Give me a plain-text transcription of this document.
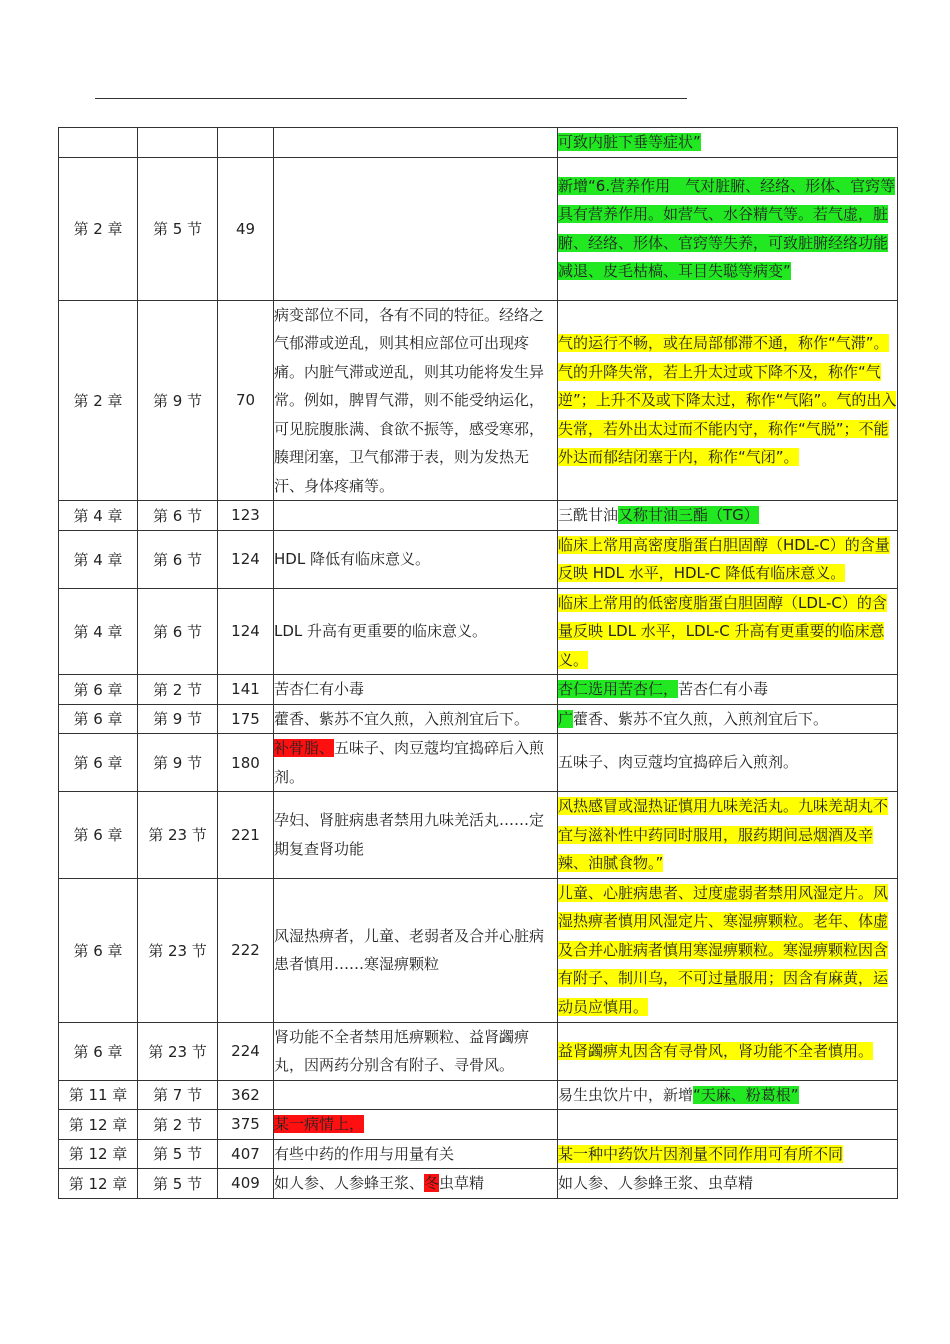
				可致内脏下垂等症状”
第 2 章	第 5 节	49		新增“6.营养作用　气对脏腑、经络、形体、官窍等具有营养作用。如营气、水谷精气等。若气虚，脏腑、经络、形体、官窍等失养，可致脏腑经络功能减退、皮毛枯槁、耳目失聪等病变”
第 2 章	第 9 节	70	病变部位不同，各有不同的特征。经络之气郁滞或逆乱，则其相应部位可出现疼痛。内脏气滞或逆乱，则其功能将发生异常。例如，脾胃气滞，则不能受纳运化，可见脘腹胀满、食欲不振等，感受寒邪，腠理闭塞，卫气郁滞于表，则为发热无汗、身体疼痛等。	气的运行不畅，或在局部郁滞不通，称作“气滞”。气的升降失常，若上升太过或下降不及，称作“气逆”；上升不及或下降太过，称作“气陷”。气的出入失常，若外出太过而不能内守，称作“气脱”；不能外达而郁结闭塞于内，称作“气闭”。
第 4 章	第 6 节	123		三酰甘油又称甘油三酯（TG）
第 4 章	第 6 节	124	HDL 降低有临床意义。	临床上常用高密度脂蛋白胆固醇（HDL-C）的含量反映 HDL 水平，HDL-C 降低有临床意义。
第 4 章	第 6 节	124	LDL 升高有更重要的临床意义。	临床上常用的低密度脂蛋白胆固醇（LDL-C）的含量反映 LDL 水平，LDL-C 升高有更重要的临床意义。
第 6 章	第 2 节	141	苦杏仁有小毒	杏仁选用苦杏仁，苦杏仁有小毒
第 6 章	第 9 节	175	藿香、紫苏不宜久煎，入煎剂宜后下。	广藿香、紫苏不宜久煎，入煎剂宜后下。
第 6 章	第 9 节	180	补骨脂、五味子、肉豆蔻均宜捣碎后入煎剂。	五味子、肉豆蔻均宜捣碎后入煎剂。
第 6 章	第 23 节	221	孕妇、肾脏病患者禁用九味羌活丸……定期复查肾功能	风热感冒或湿热证慎用九味羌活丸。九味羌胡丸不宜与滋补性中药同时服用，服药期间忌烟酒及辛辣、油腻食物。”
第 6 章	第 23 节	222	风湿热痹者，儿童、老弱者及合并心脏病患者慎用……寒湿痹颗粒	儿童、心脏病患者、过度虚弱者禁用风湿定片。风湿热痹者慎用风湿定片、寒湿痹颗粒。老年、体虚及合并心脏病者慎用寒湿痹颗粒。寒湿痹颗粒因含有附子、制川乌，不可过量服用；因含有麻黄，运动员应慎用。
第 6 章	第 23 节	224	肾功能不全者禁用尪痹颗粒、益肾蠲痹丸，因两药分别含有附子、寻骨风。	益肾蠲痹丸因含有寻骨风，肾功能不全者慎用。
第 11 章	第 7 节	362		易生虫饮片中，新增“天麻、粉葛根”
第 12 章	第 2 节	375	某一病情上，	
第 12 章	第 5 节	407	有些中药的作用与用量有关	某一种中药饮片因剂量不同作用可有所不同
第 12 章	第 5 节	409	如人参、人参蜂王浆、冬虫草精	如人参、人参蜂王浆、虫草精
